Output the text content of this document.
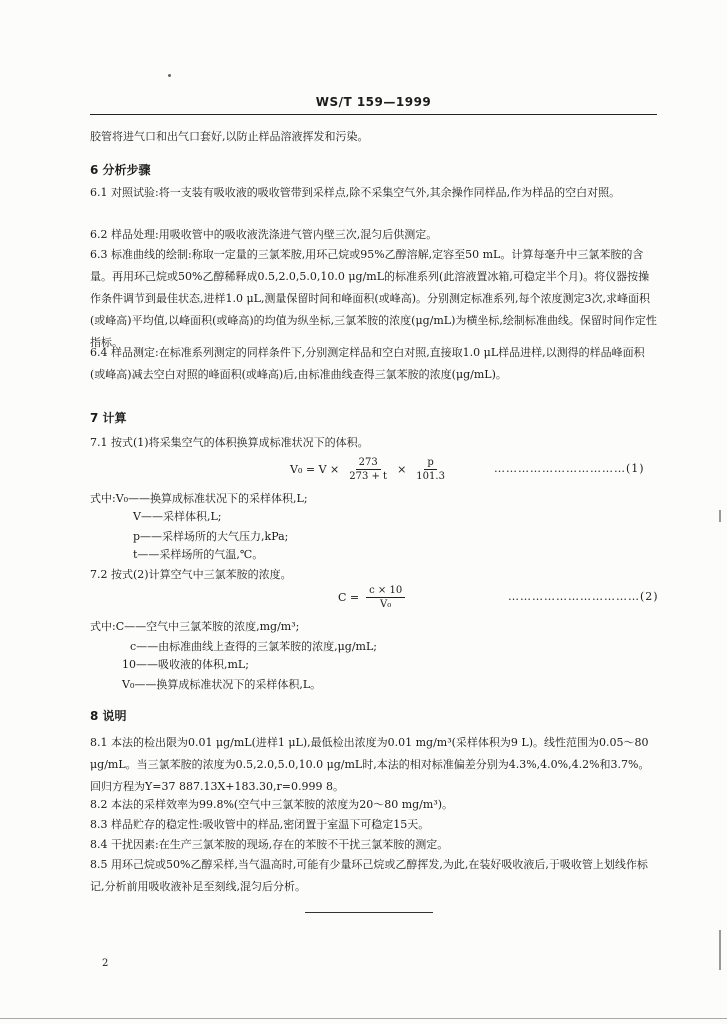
WS/T 159—1999

胶管将进气口和出气口套好,以防止样品溶液挥发和污染。

6 分析步骤

6.1 对照试验:将一支装有吸收液的吸收管带到采样点,除不采集空气外,其余操作同样品,作为样品的空白对照。

6.2 样品处理:用吸收管中的吸收液洗涤进气管内壁三次,混匀后供测定。

6.3 标准曲线的绘制:称取一定量的三氯苯胺,用环己烷或95%乙醇溶解,定容至50 mL。计算每毫升中三氯苯胺的含量。再用环己烷或50%乙醇稀释成0.5,2.0,5.0,10.0 μg/mL的标准系列(此溶液置冰箱,可稳定半个月)。将仪器按操作条件调节到最佳状态,进样1.0 μL,测量保留时间和峰面积(或峰高)。分别测定标准系列,每个浓度测定3次,求峰面积(或峰高)平均值,以峰面积(或峰高)的均值为纵坐标,三氯苯胺的浓度(μg/mL)为横坐标,绘制标准曲线。保留时间作定性指标。

6.4 样品测定:在标准系列测定的同样条件下,分别测定样品和空白对照,直接取1.0 μL样品进样,以测得的样品峰面积(或峰高)减去空白对照的峰面积(或峰高)后,由标准曲线查得三氯苯胺的浓度(μg/mL)。

7 计算

7.1 按式(1)将采集空气的体积换算成标准状况下的体积。

$V_0 = V \times \frac{273}{273 + t} \times \frac{p}{101.3}$	……………………………(1)

式中:V₀——换算成标准状况下的采样体积,L;

V——采样体积,L;

p——采样场所的大气压力,kPa;

t——采样场所的气温,℃。

7.2 按式(2)计算空气中三氯苯胺的浓度。

$C = \frac{c \times 10}{\text{V₀}}$	……………………………(2)

式中:C——空气中三氯苯胺的浓度,mg/m³;

c——由标准曲线上查得的三氯苯胺的浓度,μg/mL;

10——吸收液的体积,mL;

V₀——换算成标准状况下的采样体积,L。

8 说明

8.1 本法的检出限为0.01 μg/mL(进样1 μL),最低检出浓度为0.01 mg/m³(采样体积为9 L)。线性范围为0.05～80 μg/mL。当三氯苯胺的浓度为0.5,2.0,5.0,10.0 μg/mL时,本法的相对标准偏差分别为4.3%,4.0%,4.2%和3.7%。回归方程为Y=37 887.13X+183.30,r=0.999 8。

8.2 本法的采样效率为99.8%(空气中三氯苯胺的浓度为20～80 mg/m³)。

8.3 样品贮存的稳定性:吸收管中的样品,密闭置于室温下可稳定15天。

8.4 干扰因素:在生产三氯苯胺的现场,存在的苯胺不干扰三氯苯胺的测定。

8.5 用环己烷或50%乙醇采样,当气温高时,可能有少量环己烷或乙醇挥发,为此,在装好吸收液后,于吸收管上划线作标记,分析前用吸收液补足至刻线,混匀后分析。

2
